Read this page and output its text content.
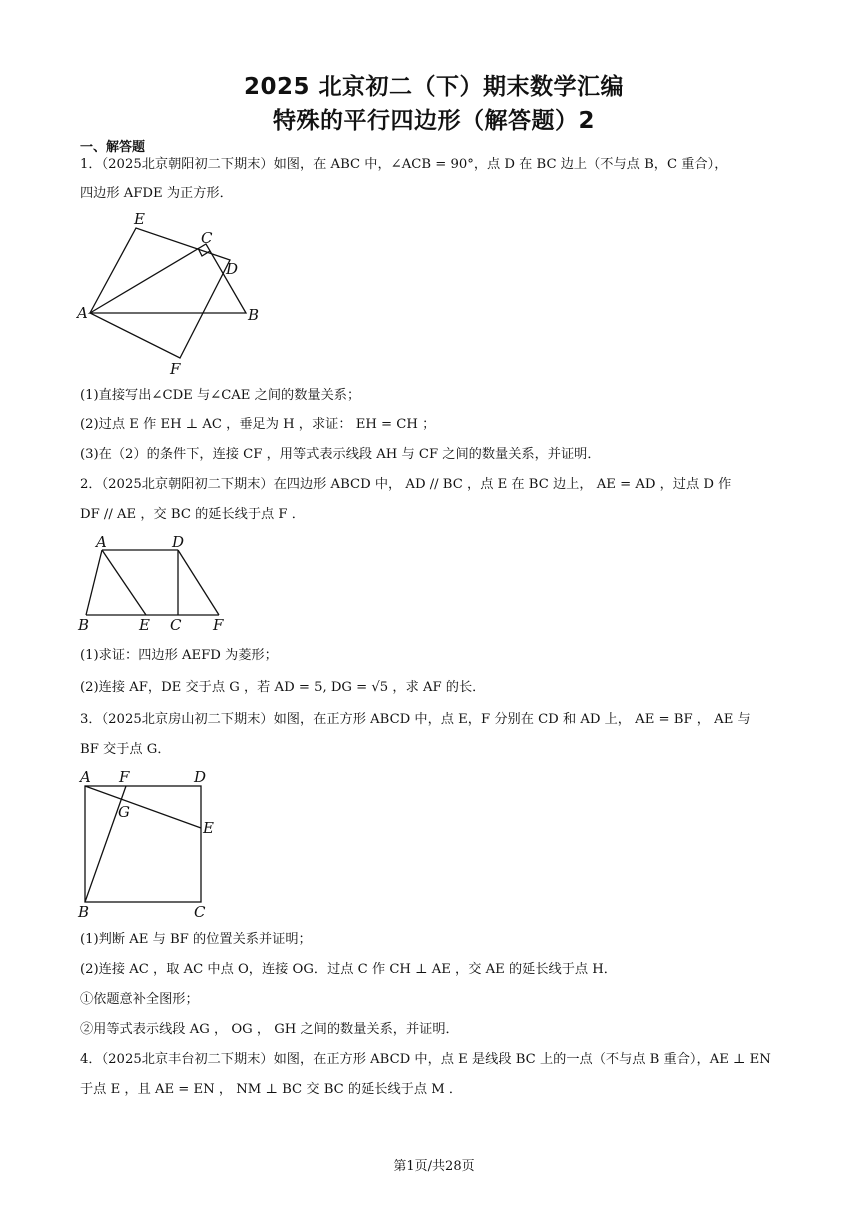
2025 北京初二（下）期末数学汇编
特殊的平行四边形（解答题）2
一、解答题
1．（2025北京朝阳初二下期末）如图，在 ABC 中，∠ACB = 90°，点 D 在 BC 边上（不与点 B，C 重合），
四边形 AFDE 为正方形．
E
C
D
A	B
F
(1)直接写出∠CDE 与∠CAE 之间的数量关系；
(2)过点 E 作 EH ⊥ AC ，垂足为 H ，求证： EH = CH ；
(3)在（2）的条件下，连接 CF ，用等式表示线段 AH 与 CF 之间的数量关系，并证明．
2．（2025北京朝阳初二下期末）在四边形 ABCD 中， AD // BC ，点 E 在 BC 边上， AE = AD ，过点 D 作
DF // AE ，交 BC 的延长线于点 F ．
A	D
B	E C F
(1)求证：四边形 AEFD 为菱形；
(2)连接 AF，DE 交于点 G ，若 AD = 5, DG = √5 ，求 AF 的长．
3．（2025北京房山初二下期末）如图，在正方形 ABCD 中，点 E，F 分别在 CD 和 AD 上， AE = BF ， AE 与
BF 交于点 G．
A F	D
G
E
B	C
(1)判断 AE 与 BF 的位置关系并证明；
(2)连接 AC ，取 AC 中点 O，连接 OG．过点 C 作 CH ⊥ AE ，交 AE 的延长线于点 H．
①依题意补全图形；
②用等式表示线段 AG ， OG ， GH 之间的数量关系，并证明．
4．（2025北京丰台初二下期末）如图，在正方形 ABCD 中，点 E 是线段 BC 上的一点（不与点 B 重合），AE ⊥ EN
于点 E ，且 AE = EN ， NM ⊥ BC 交 BC 的延长线于点 M ．
第1页/共28页
